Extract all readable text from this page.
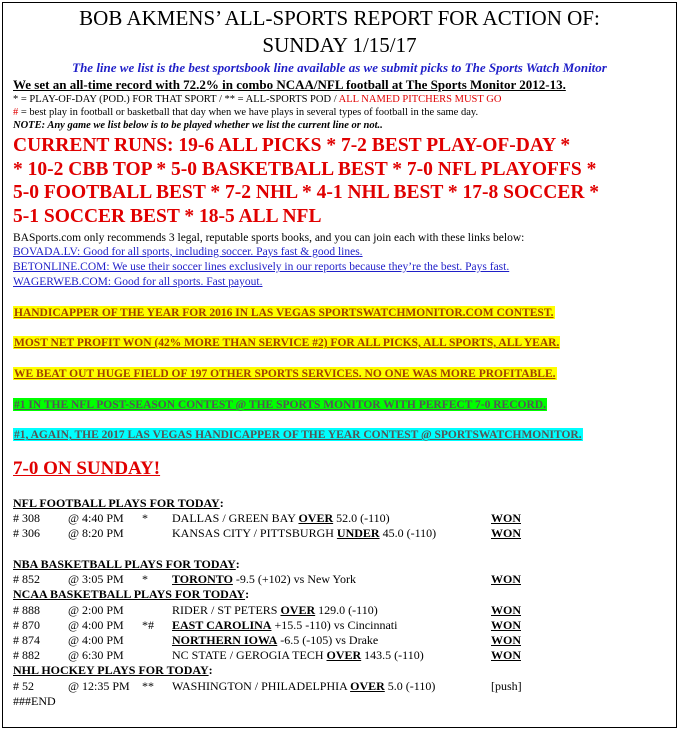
BOB AKMENS’ ALL-SPORTS REPORT FOR ACTION OF:
SUNDAY 1/15/17
The line we list is the best sportsbook line available as we submit picks to The Sports Watch Monitor
We set an all-time record with 72.2% in combo NCAA/NFL football at The Sports Monitor 2012-13.
* = PLAY-OF-DAY (POD.) FOR THAT SPORT / ** = ALL-SPORTS POD / ALL NAMED PITCHERS MUST GO
# = best play in football or basketball that day when we have plays in several types of football in the same day.
NOTE: Any game we list below is to be played whether we list the current line or not..
CURRENT RUNS: 19-6 ALL PICKS * 7-2 BEST PLAY-OF-DAY *
* 10-2 CBB TOP * 5-0 BASKETBALL BEST * 7-0 NFL PLAYOFFS *
5-0 FOOTBALL BEST * 7-2 NHL * 4-1 NHL BEST * 17-8 SOCCER *
5-1 SOCCER BEST * 18-5 ALL NFL
BASports.com only recommends 3 legal, reputable sports books, and you can join each with these links below:
BOVADA.LV: Good for all sports, including soccer. Pays fast & good lines.
BETONLINE.COM: We use their soccer lines exclusively in our reports because they’re the best. Pays fast.
WAGERWEB.COM: Good for all sports. Fast payout.
HANDICAPPER OF THE YEAR FOR 2016 IN LAS VEGAS SPORTSWATCHMONITOR.COM CONTEST.
MOST NET PROFIT WON (42% MORE THAN SERVICE #2) FOR ALL PICKS, ALL SPORTS, ALL YEAR.
WE BEAT OUT HUGE FIELD OF 197 OTHER SPORTS SERVICES. NO ONE WAS MORE PROFITABLE.
#1 IN THE NFL POST-SEASON CONTEST @ THE SPORTS MONITOR WITH PERFECT 7-0 RECORD.
#1, AGAIN, THE 2017 LAS VEGAS HANDICAPPER OF THE YEAR CONTEST @ SPORTSWATCHMONITOR.
7-0 ON SUNDAY!
NFL FOOTBALL PLAYS FOR TODAY:
# 308 @ 4:40 PM * DALLAS / GREEN BAY OVER 52.0 (-110)	WON
# 306 @ 8:20 PM	KANSAS CITY / PITTSBURGH UNDER 45.0 (-110)	WON
NBA BASKETBALL PLAYS FOR TODAY:
# 852 @ 3:05 PM * TORONTO -9.5 (+102) vs New York	WON
NCAA BASKETBALL PLAYS FOR TODAY:
# 888 @ 2:00 PM	RIDER / ST PETERS OVER 129.0 (-110)	WON
# 870 @ 4:00 PM *# EAST CAROLINA +15.5 -110) vs Cincinnati	WON
# 874 @ 4:00 PM	NORTHERN IOWA -6.5 (-105) vs Drake	WON
# 882 @ 6:30 PM	NC STATE / GEROGIA TECH OVER 143.5 (-110)	WON
NHL HOCKEY PLAYS FOR TODAY:
# 52	@ 12:35 PM ** WASHINGTON / PHILADELPHIA OVER 5.0 (-110)	[push]
###END
